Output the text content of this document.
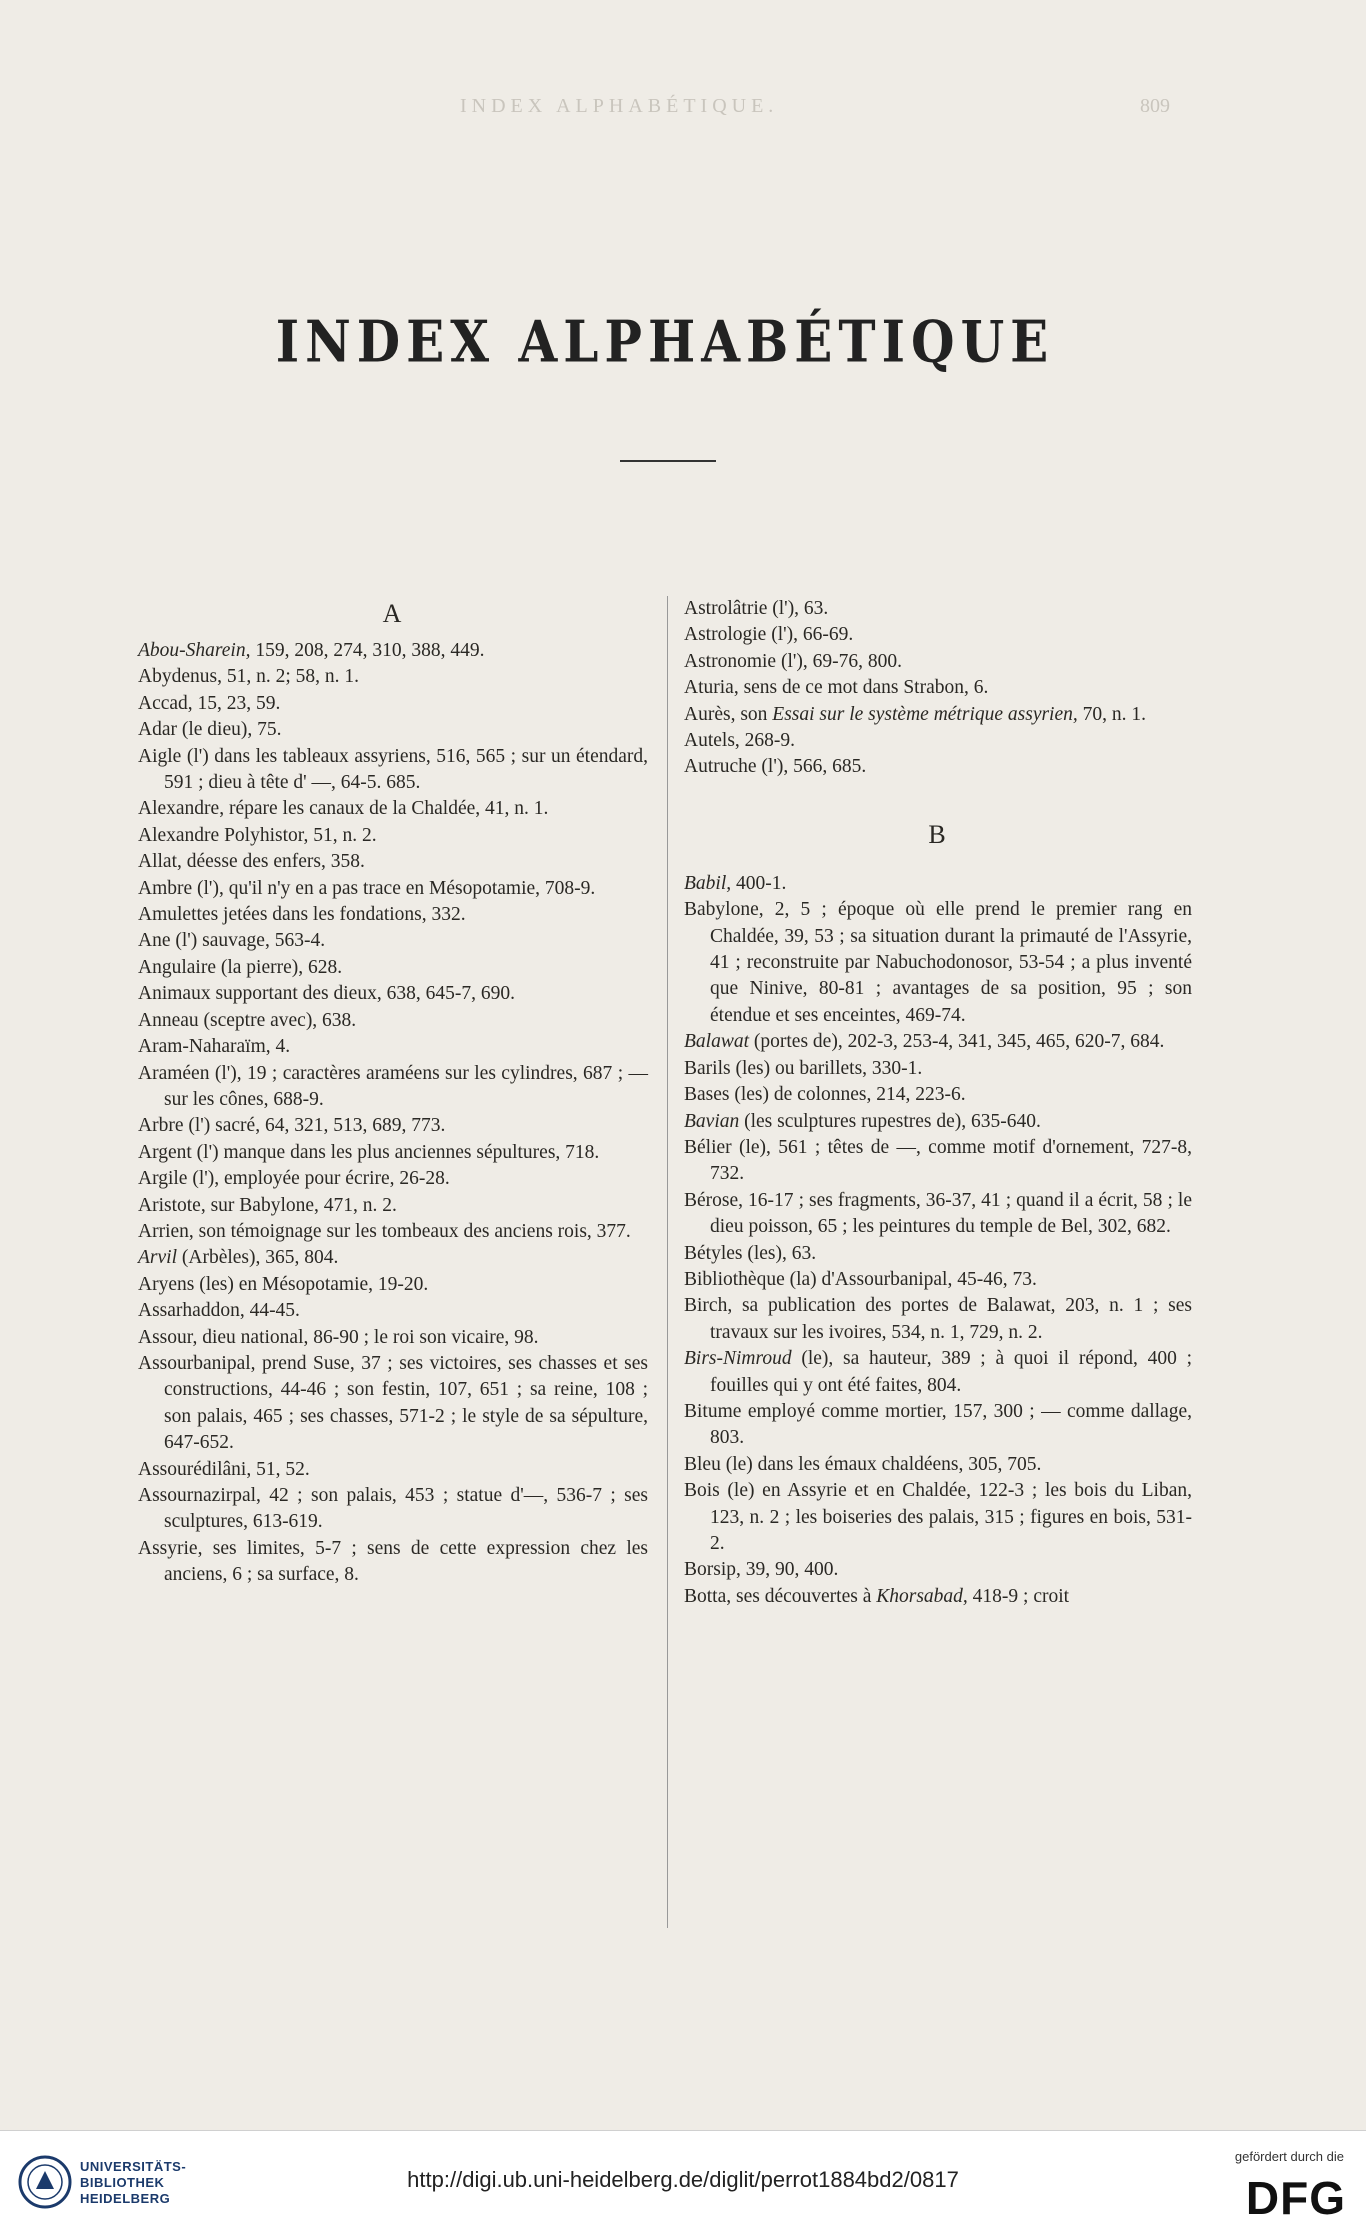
INDEX ALPHABÉTIQUE.	809
INDEX ALPHABÉTIQUE
A
Abou-Sharein, 159, 208, 274, 310, 388, 449.
Abydenus, 51, n. 2; 58, n. 1.
Accad, 15, 23, 59.
Adar (le dieu), 75.
Aigle (l') dans les tableaux assyriens, 516, 565 ; sur un étendard, 591 ; dieu à tête d' —, 64-5. 685.
Alexandre, répare les canaux de la Chaldée, 41, n. 1.
Alexandre Polyhistor, 51, n. 2.
Allat, déesse des enfers, 358.
Ambre (l'), qu'il n'y en a pas trace en Mésopotamie, 708-9.
Amulettes jetées dans les fondations, 332.
Ane (l') sauvage, 563-4.
Angulaire (la pierre), 628.
Animaux supportant des dieux, 638, 645-7, 690.
Anneau (sceptre avec), 638.
Aram-Naharaïm, 4.
Araméen (l'), 19 ; caractères araméens sur les cylindres, 687 ; — sur les cônes, 688-9.
Arbre (l') sacré, 64, 321, 513, 689, 773.
Argent (l') manque dans les plus anciennes sépultures, 718.
Argile (l'), employée pour écrire, 26-28.
Aristote, sur Babylone, 471, n. 2.
Arrien, son témoignage sur les tombeaux des anciens rois, 377.
Arvil (Arbèles), 365, 804.
Aryens (les) en Mésopotamie, 19-20.
Assarhaddon, 44-45.
Assour, dieu national, 86-90 ; le roi son vicaire, 98.
Assourbanipal, prend Suse, 37 ; ses victoires, ses chasses et ses constructions, 44-46 ; son festin, 107, 651 ; sa reine, 108 ; son palais, 465 ; ses chasses, 571-2 ; le style de sa sépulture, 647-652.
Assourédilâni, 51, 52.
Assournazirpal, 42 ; son palais, 453 ; statue d'—, 536-7 ; ses sculptures, 613-619.
Assyrie, ses limites, 5-7 ; sens de cette expression chez les anciens, 6 ; sa surface, 8.
Astrolâtrie (l'), 63.
Astrologie (l'), 66-69.
Astronomie (l'), 69-76, 800.
Aturia, sens de ce mot dans Strabon, 6.
Aurès, son Essai sur le système métrique assyrien, 70, n. 1.
Autels, 268-9.
Autruche (l'), 566, 685.
B
Babil, 400-1.
Babylone, 2, 5 ; époque où elle prend le premier rang en Chaldée, 39, 53 ; sa situation durant la primauté de l'Assyrie, 41 ; reconstruite par Nabuchodonosor, 53-54 ; a plus inventé que Ninive, 80-81 ; avantages de sa position, 95 ; son étendue et ses enceintes, 469-74.
Balawat (portes de), 202-3, 253-4, 341, 345, 465, 620-7, 684.
Barils (les) ou barillets, 330-1.
Bases (les) de colonnes, 214, 223-6.
Bavian (les sculptures rupestres de), 635-640.
Bélier (le), 561 ; têtes de —, comme motif d'ornement, 727-8, 732.
Bérose, 16-17 ; ses fragments, 36-37, 41 ; quand il a écrit, 58 ; le dieu poisson, 65 ; les peintures du temple de Bel, 302, 682.
Bétyles (les), 63.
Bibliothèque (la) d'Assourbanipal, 45-46, 73.
Birch, sa publication des portes de Balawat, 203, n. 1 ; ses travaux sur les ivoires, 534, n. 1, 729, n. 2.
Birs-Nimroud (le), sa hauteur, 389 ; à quoi il répond, 400 ; fouilles qui y ont été faites, 804.
Bitume employé comme mortier, 157, 300 ; — comme dallage, 803.
Bleu (le) dans les émaux chaldéens, 305, 705.
Bois (le) en Assyrie et en Chaldée, 122-3 ; les bois du Liban, 123, n. 2 ; les boiseries des palais, 315 ; figures en bois, 531-2.
Borsip, 39, 90, 400.
Botta, ses découvertes à Khorsabad, 418-9 ; croit
UNIVERSITÄTS-
BIBLIOTHEK
HEIDELBERG
http://digi.ub.uni-heidelberg.de/diglit/perrot1884bd2/0817
gefördert durch die
DFG
